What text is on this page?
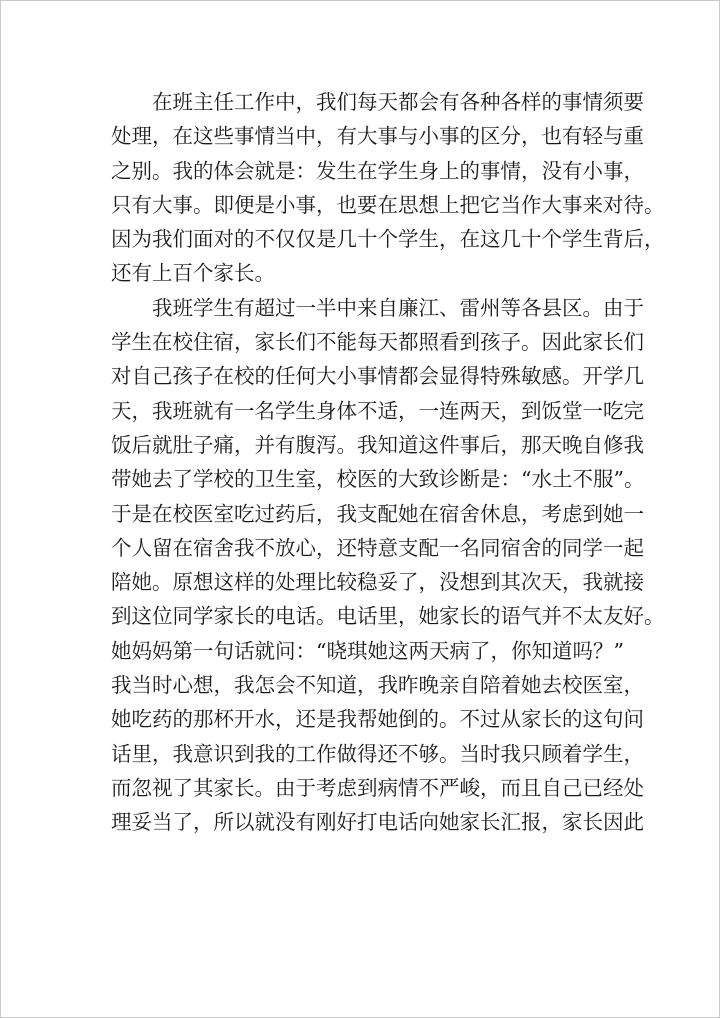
在班主任工作中，我们每天都会有各种各样的事情须要
处理，在这些事情当中，有大事与小事的区分，也有轻与重
之别。我的体会就是：发生在学生身上的事情，没有小事，
只有大事。即便是小事，也要在思想上把它当作大事来对待。
因为我们面对的不仅仅是几十个学生，在这几十个学生背后，
还有上百个家长。
我班学生有超过一半中来自廉江、雷州等各县区。由于
学生在校住宿，家长们不能每天都照看到孩子。因此家长们
对自己孩子在校的任何大小事情都会显得特殊敏感。开学几
天，我班就有一名学生身体不适，一连两天，到饭堂一吃完
饭后就肚子痛，并有腹泻。我知道这件事后，那天晚自修我
带她去了学校的卫生室，校医的大致诊断是：“水土不服”。
于是在校医室吃过药后，我支配她在宿舍休息，考虑到她一
个人留在宿舍我不放心，还特意支配一名同宿舍的同学一起
陪她。原想这样的处理比较稳妥了，没想到其次天，我就接
到这位同学家长的电话。电话里，她家长的语气并不太友好。
她妈妈第一句话就问：“晓琪她这两天病了，你知道吗？”
我当时心想，我怎会不知道，我昨晚亲自陪着她去校医室，
她吃药的那杯开水，还是我帮她倒的。不过从家长的这句问
话里，我意识到我的工作做得还不够。当时我只顾着学生，
而忽视了其家长。由于考虑到病情不严峻，而且自己已经处
理妥当了，所以就没有刚好打电话向她家长汇报，家长因此
